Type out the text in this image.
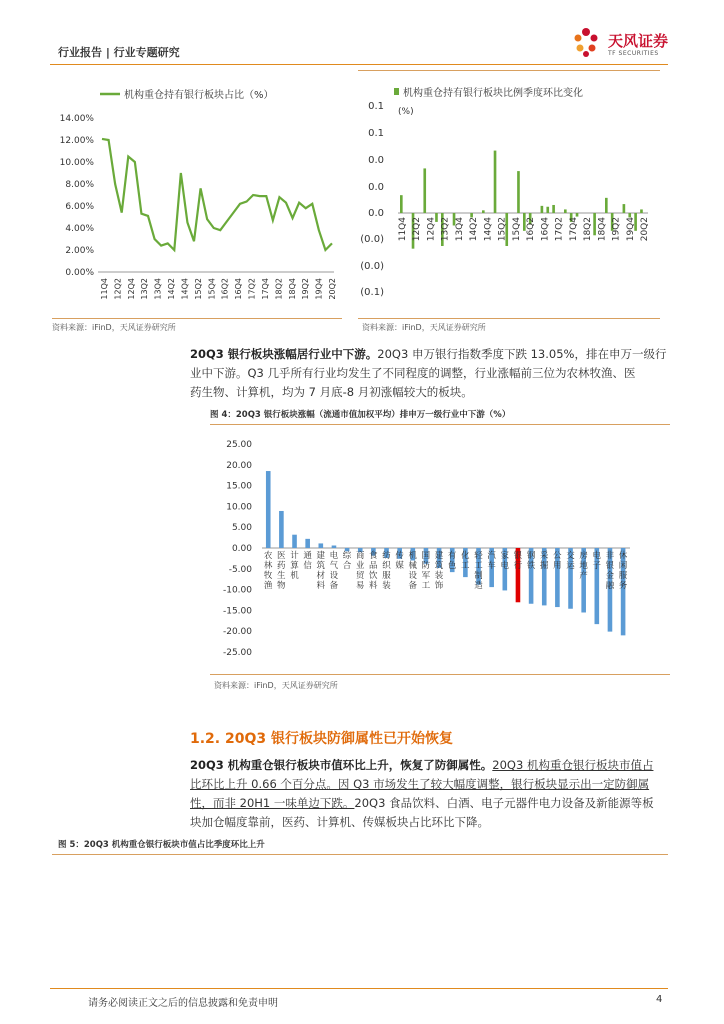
行业报告 | 行业专题研究
天风证券
TF SECURITIES
机构重仓持有银行板块占比（%）
14.00%
12.00%
10.00%
8.00%
6.00%
4.00%
2.00%
0.00%
11Q4 12Q2 12Q4 13Q2 13Q4 14Q2 14Q4 15Q2 15Q4 16Q2 16Q4 17Q2 17Q4 18Q2 18Q4 19Q2 19Q4 20Q2
资料来源：iFinD，天风证券研究所
机构重仓持有银行板块比例季度环比变化
(%)
0.1
0.1
0.0
0.0
0.0
(0.0)
(0.0)
(0.1)
11Q4 12Q2 12Q4 13Q2 13Q4 14Q2 14Q4 15Q2 15Q4 16Q2 16Q4 17Q2 17Q4 18Q2 18Q4 19Q2 19Q4 20Q2
资料来源：iFinD，天风证券研究所
20Q3 银行板块涨幅居行业中下游。20Q3 申万银行指数季度下跌 13.05%，排在申万一级行
业中下游。Q3 几乎所有行业均发生了不同程度的调整，行业涨幅前三位为农林牧渔、医
药生物、计算机，均为 7 月底-8 月初涨幅较大的板块。
图 4：20Q3 银行板块涨幅（流通市值加权平均）排申万一级行业中下游（%）
25.00
20.00
15.00
10.00
5.00
0.00
-5.00
-10.00
-15.00
-20.00
-25.00
农林牧渔
医药生物
计算机
通信
建筑材料
电气设备
综合
商业贸易
食品饮料
纺织服装
传媒
机械设备
国防军工
建筑装饰
有色
化工
轻工制造
汽车
家电
银行
钢铁
采掘
公用
交运
房地产
电子
非银金融
休闲服务
资料来源：iFinD，天风证券研究所
1.2. 20Q3 银行板块防御属性已开始恢复
20Q3 机构重仓银行板块市值环比上升，恢复了防御属性。20Q3 机构重仓银行板块市值占
比环比上升 0.66 个百分点。因 Q3 市场发生了较大幅度调整，银行板块显示出一定防御属
性，而非 20H1 一味单边下跌。20Q3 食品饮料、白酒、电子元器件电力设备及新能源等板
块加仓幅度靠前，医药、计算机、传媒板块占比环比下降。
图 5：20Q3 机构重仓银行板块市值占比季度环比上升
请务必阅读正文之后的信息披露和免责申明	4
